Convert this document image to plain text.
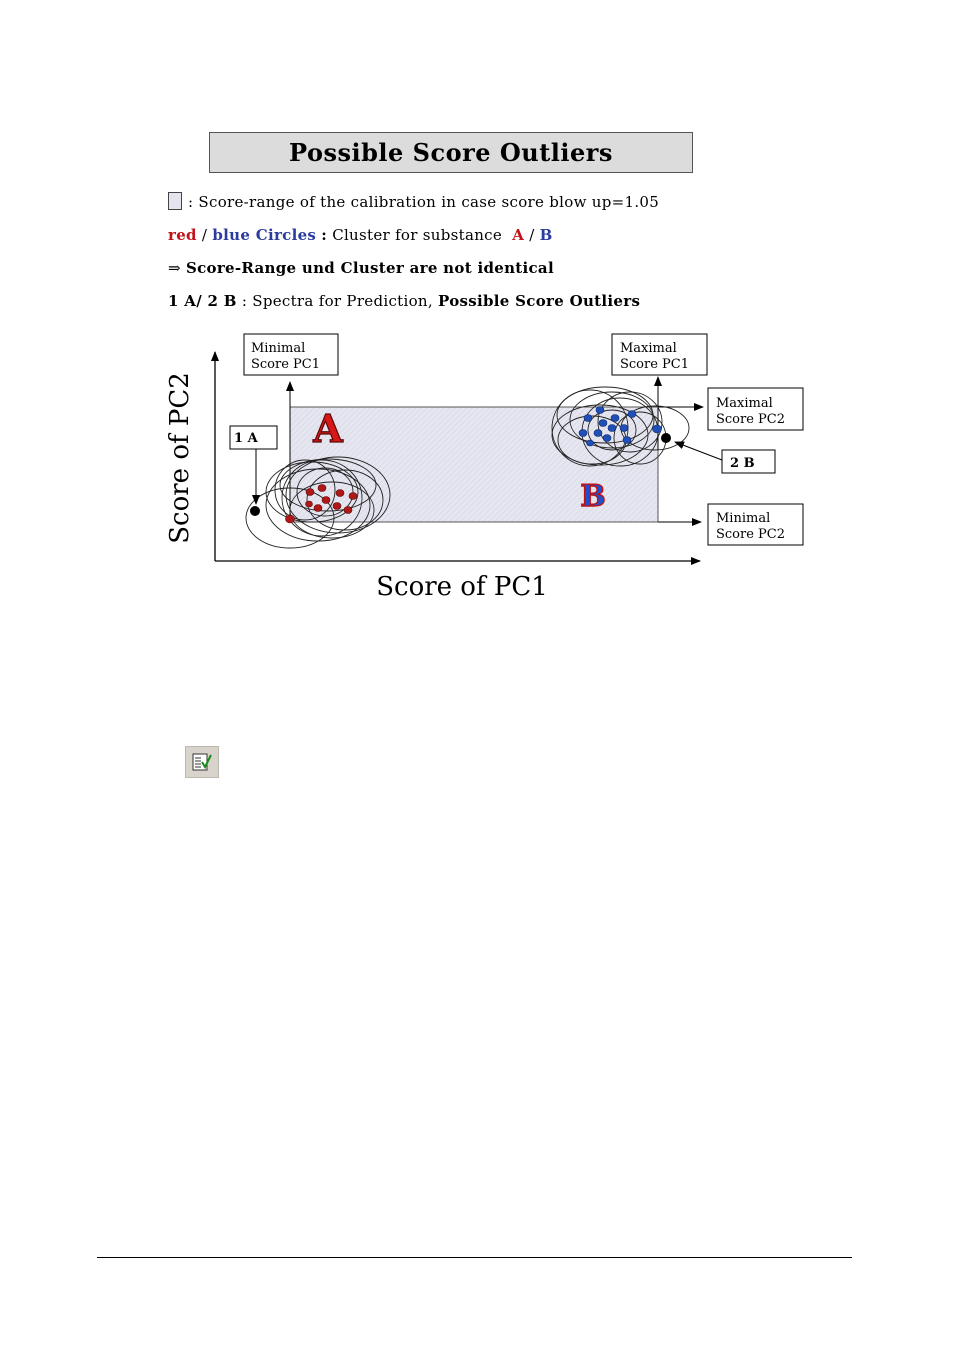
Possible Score Outliers
: Score-range of the calibration in case score blow up=1.05
red / blue Circles : Cluster for substance A / B
⇒ Score-Range und Cluster are not identical
1 A/ 2 B : Spectra for Prediction, Possible Score Outliers
A
B
Score of PC1
Score of PC2
Minimal
Score PC1
Maximal
Score PC1
Maximal
Score PC2
Minimal
Score PC2
1 A
2 B
